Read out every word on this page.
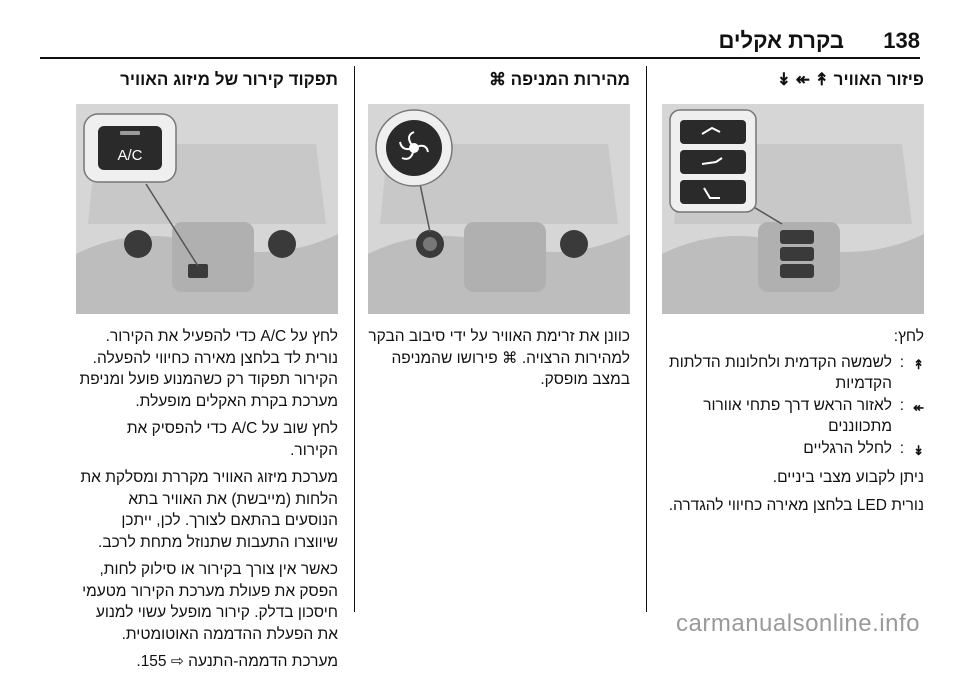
138
בקרת אקלים
פיזור האוויר ↟ ↞ ↡
לחץ:
↟
:
לשמשה הקדמית ולחלונות הדלתות הקדמיות
↞
:
לאזור הראש דרך פתחי אוורור מתכווננים
↡
:
לחלל הרגליים
ניתן לקבוע מצבי ביניים.
נורית LED בלחצן מאירה כחיווי להגדרה.
מהירות המניפה ⌘
כוונן את זרימת האוויר על ידי סיבוב הבקר למהירות הרצויה. ⌘ פירושו שהמניפה במצב מופסק.
תפקוד קירור של מיזוג האוויר
A/C
לחץ על A/C כדי להפעיל את הקירור. נורית לד בלחצן מאירה כחיווי להפעלה. הקירור תפקוד רק כשהמנוע פועל ומניפת מערכת בקרת האקלים מופעלת.
לחץ שוב על A/C כדי להפסיק את הקירור.
מערכת מיזוג האוויר מקררת ומסלקת את הלחות (מייבשת) את האוויר בתא הנוסעים בהתאם לצורך. לכן, ייתכן שיווצרו התעבות שתנוזל מתחת לרכב.
כאשר אין צורך בקירור או סילוק לחות, הפסק את פעולת מערכת הקירור מטעמי חיסכון בדלק. קירור מופעל עשוי למנוע את הפעלת ההדממה האוטומטית.
מערכת הדממה-התנעה ⇨ 155.
carmanualsonline.info
